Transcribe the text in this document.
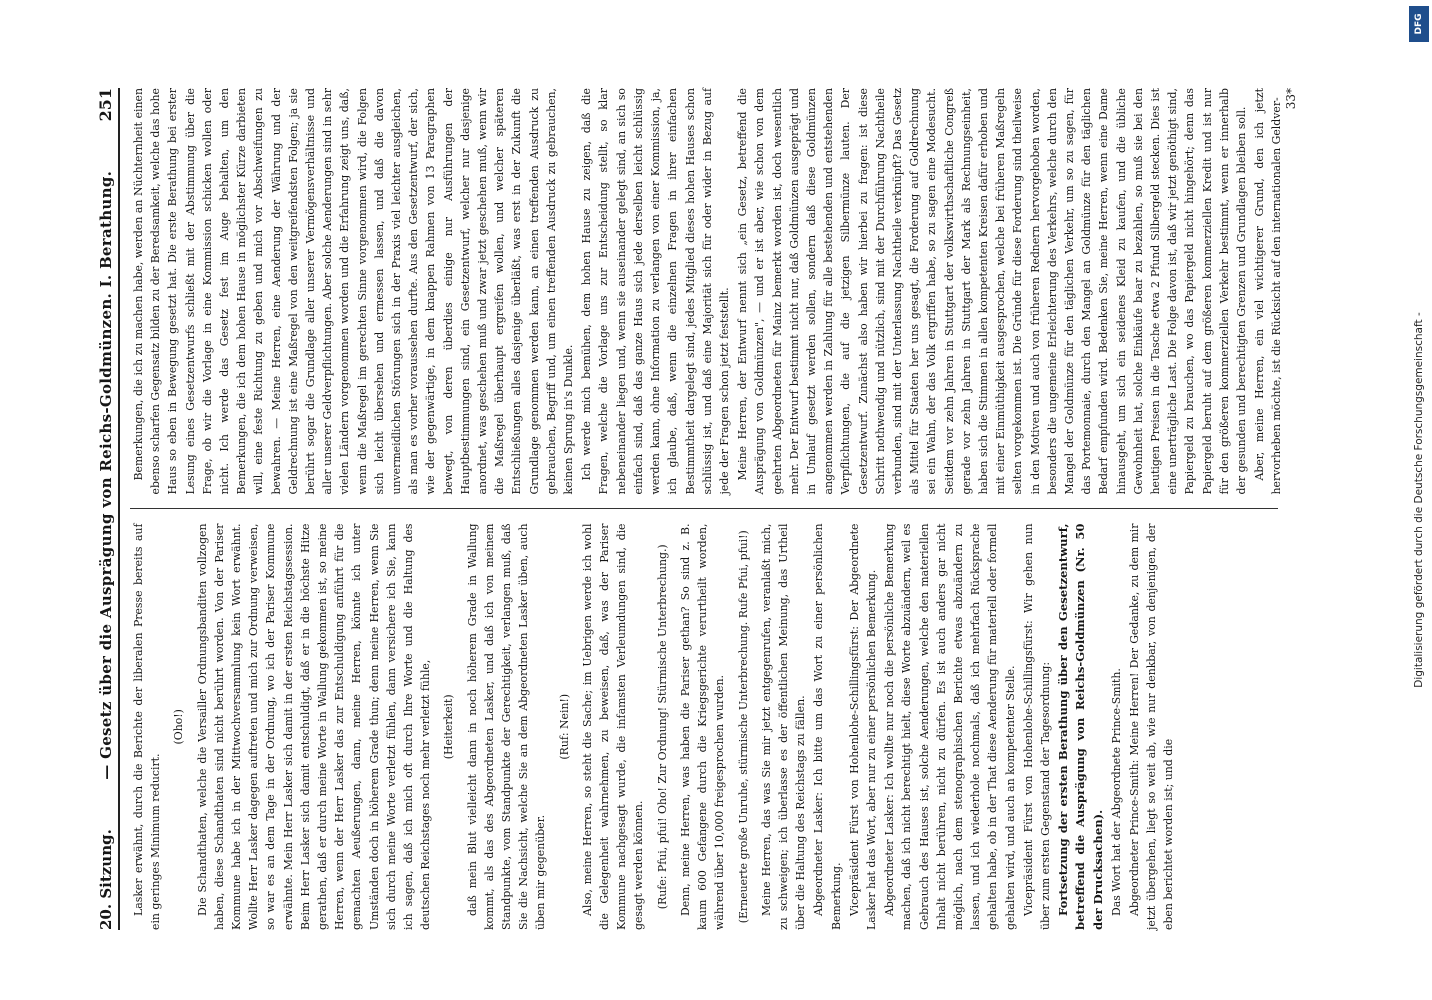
20. Sitzung.
— Gesetz über die Ausprägung von Reichs-Goldmünzen. I. Berathung.
251

Lasker erwähnt, durch die Berichte der liberalen Presse bereits auf ein geringes Minimum reducirt.

(Oho!) Die Schandthaten, welche die Versailler Ordnungsbanditen vollzogen haben, diese Schandthaten sind nicht berührt worden. Von der Pariser Kommune habe ich in der Mittwochversammlung kein Wort erwähnt. Wollte Herr Lasker dagegen auftreten und mich zur Ordnung verweisen, so war es an dem Tage in der Ordnung, wo ich der Pariser Kommune erwähnte. Mein Herr Lasker sich damit in der ersten Reichstagssession. Beim Herr Lasker sich damit entschuldigt, daß er in die höchste Hitze gerathen, daß er durch meine Worte in Wallung gekommen ist, so meine Herren, wenn der Herr Lasker das zur Entschuldigung anführt für die gemachten Aeußerungen, dann, meine Herren, könnte ich unter Umständen doch in höherem Grade thun; denn meine Herren, wenn Sie sich durch meine Worte verletzt fühlen, dann versichere ich Sie, kann ich sagen, daß ich mich oft durch Ihre Worte und die Haltung des deutschen Reichstages noch mehr verletzt fühle, (Heiterkeit) daß mein Blut vielleicht dann in noch höherem Grade in Wallung kommt, als das des Abgeordneten Lasker, und daß ich von meinem Standpunkte, vom Standpunkte der Gerechtigkeit, verlangen muß, daß Sie die Nachsicht, welche Sie an dem Abgeordneten Lasker üben, auch üben mir gegenüber.

(Ruf: Nein!) Also, meine Herren, so steht die Sache; im Uebrigen werde ich wohl die Gelegenheit wahrnehmen, zu beweisen, daß, was der Pariser Kommune nachgesagt wurde, die infamsten Verleumdungen sind, die gesagt werden können. (Rufe: Pfui, pfui! Oho! Zur Ordnung! Stürmische Unterbrechung.) Denn, meine Herren, was haben die Pariser gethan? So sind z. B. kaum 600 Gefangene durch die Kriegsgerichte verurtheilt worden, während über 10,000 freigesprochen wurden. (Erneuerte große Unruhe, stürmische Unterbrechung. Rufe Pfui, pfui!) Meine Herren, das was Sie mir jetzt entgegenrufen, veranlaßt mich, zu schweigen; ich überlasse es der öffentlichen Meinung, das Urtheil über die Haltung des Reichstags zu fällen. Abgeordneter Lasker: Ich bitte um das Wort zu einer persönlichen Bemerkung. Vicepräsident Fürst von Hohenlohe-Schillingsfürst: Der Abgeordnete Lasker hat das Wort, aber nur zu einer persönlichen Bemerkung. Abgeordneter Lasker: Ich wollte nur noch die persönliche Bemerkung machen, daß ich nicht berechtigt hielt, diese Worte abzuändern, weil es Gebrauch des Hauses ist, solche Aenderungen, welche den materiellen Inhalt nicht berühren, nicht zu dürfen. Es ist auch anders gar nicht möglich, nach dem stenographischen Berichte etwas abzuändern zu lassen, und ich wiederhole nochmals, daß ich mehrfach Rücksprache gehalten habe, ob in der That diese Aenderung für materiell oder formell gehalten wird, und auch an kompetenter Stelle. Vicepräsident Fürst von Hohenlohe-Schillingsfürst: Wir gehen nun über zum ersten Gegenstand der Tagesordnung: Fortsetzung der ersten Berathung über den Gesetzentwurf, betreffend die Ausprägung von Reichs-Goldmünzen (Nr. 50 der Drucksachen). Das Wort hat der Abgeordnete Prince-Smith. Abgeordneter Prince-Smith: Meine Herren! Der Gedanke, zu dem mir jetzt übergehen, liegt so weit ab, wie nur denkbar, von denjenigen, der eben berichtet worden ist; und die

Bemerkungen, die ich zu machen habe, werden an Nüchternheit einen ebenso scharfen Gegensatz bilden zu der Beredsamkeit, welche das hohe Haus so eben in Bewegung gesetzt hat. Die erste Berathung bei erster Lesung eines Gesetzentwurfs schließt mit der Abstimmung über die Frage, ob wir die Vorlage in eine Kommission schicken wollen oder nicht. Ich werde das Gesetz fest im Auge behalten, um den Bemerkungen, die ich dem hohen Hause in möglichster Kürze darbieten will, eine feste Richtung zu geben und mich vor Abschweifungen zu bewahren. — Meine Herren, eine Aenderung der Währung und der Geldrechnung ist eine Maßregel von den weitgreifendsten Folgen; ja sie berührt sogar die Grundlage aller unserer Vermögensverhältnisse und aller unserer Geldverpflichtungen. Aber solche Aenderungen sind in sehr vielen Ländern vorgenommen worden und die Erfahrung zeigt uns, daß, wenn die Maßregel im gerechten Sinne vorgenommen wird, die Folgen sich leicht übersehen und ermessen lassen, und daß die davon unvermeidlichen Störungen sich in der Praxis viel leichter ausgleichen, als man es vorher voraussehen durfte. Aus den Gesetzentwurf, der sich, wie der gegenwärtige, in dem knappen Rahmen von 13 Paragraphen bewegt, von deren überdies einige nur Ausführungen der Hauptbestimmungen sind, ein Gesetzentwurf, welcher nur dasjenige anordnet, was geschehen muß und zwar jetzt geschehen muß, wenn wir die Maßregel überhaupt ergreifen wollen, und welcher späteren Entschließungen alles dasjenige überläßt, was erst in der Zukunft die Grundlage genommen werden kann, an einen treffenden Ausdruck zu gebrauchen, Begriff und, um einen treffenden Ausdruck zu gebrauchen, keinen Sprung in's Dunkle. Ich werde mich bemühen, dem hohen Hause zu zeigen, daß die Fragen, welche die Vorlage uns zur Entscheidung stellt, so klar nebeneinander liegen und, wenn sie auseinander gelegt sind, an sich so einfach sind, daß das ganze Haus sich jede derselben leicht schlüssig werden kann, ohne Information zu verlangen von einer Kommission, ja, ich glaube, daß, wenn die einzelnen Fragen in ihrer einfachen Bestimmtheit dargelegt sind, jedes Mitglied dieses hohen Hauses schon schlüssig ist, und daß eine Majorität sich für oder wider in Bezug auf jede der Fragen schon jetzt feststellt. Meine Herren, der Entwurf nennt sich „ein Gesetz, betreffend die Ausprägung von Goldmünzen", — und er ist aber, wie schon von dem geehrten Abgeordneten für Mainz bemerkt worden ist, doch wesentlich mehr. Der Entwurf bestimmt nicht nur, daß Goldmünzen ausgeprägt und in Umlauf gesetzt werden sollen, sondern daß diese Goldmünzen angenommen werden in Zahlung für alle bestehenden und entstehenden Verpflichtungen, die auf die jetzigen Silbermünze lauten. Der Gesetzentwurf. Zunächst also haben wir hierbei zu fragen: ist diese Schritt nothwendig und nützlich, sind mit der Durchführung Nachtheile verbunden, sind mit der Unterlassung Nachtheile verknüpft? Das Gesetz als Mittel für Staaten her uns gesagt, die Forderung auf Goldrechnung sei ein Wahn, der das Volk ergriffen habe, so zu sagen eine Modesucht. Seitdem vor zehn Jahren in Stuttgart der volkswirthschaftliche Congreß gerade vor zehn Jahren in Stuttgart der Mark als Rechnungseinheit, haben sich die Stimmen in allen kompetenten Kreisen dafür erhoben und mit einer Einmüthigkeit ausgesprochen, welche bei früheren Maßregeln selten vorgekommen ist. Die Gründe für diese Forderung sind theilweise in den Motiven und auch von früheren Rednern hervorgehoben worden, besonders die ungemeine Erleichterung des Verkehrs, welche durch den Mangel der Goldmünze für den täglichen Verkehr, um so zu sagen, für das Portemonnaie, durch den Mangel an Goldmünze für den täglichen Bedarf empfunden wird. Bedenken Sie, meine Herren, wenn eine Dame hinausgeht, um sich ein seidenes Kleid zu kaufen, und die übliche Gewohnheit hat, solche Einkäufe baar zu bezahlen, so muß sie bei den heutigen Preisen in die Tasche etwa 2 Pfund Silbergeld stecken. Dies ist eine unerträgliche Last. Die Folge davon ist, daß wir jetzt genöthigt sind, Papiergeld zu brauchen, wo das Papiergeld nicht hingehört; denn das Papiergeld beruht auf dem größeren kommerziellen Kredit und ist nur für den größeren kommerziellen Verkehr bestimmt, wenn er innerhalb der gesunden und berechtigten Grenzen und Grundlagen bleiben soll. Aber, meine Herren, ein viel wichtigerer Grund, den ich jetzt hervorheben möchte, ist die Rücksicht auf den internationalen Geldver- 33*
DFG
Digitalisierung gefördert durch die Deutsche Forschungsgemeinschaft -
